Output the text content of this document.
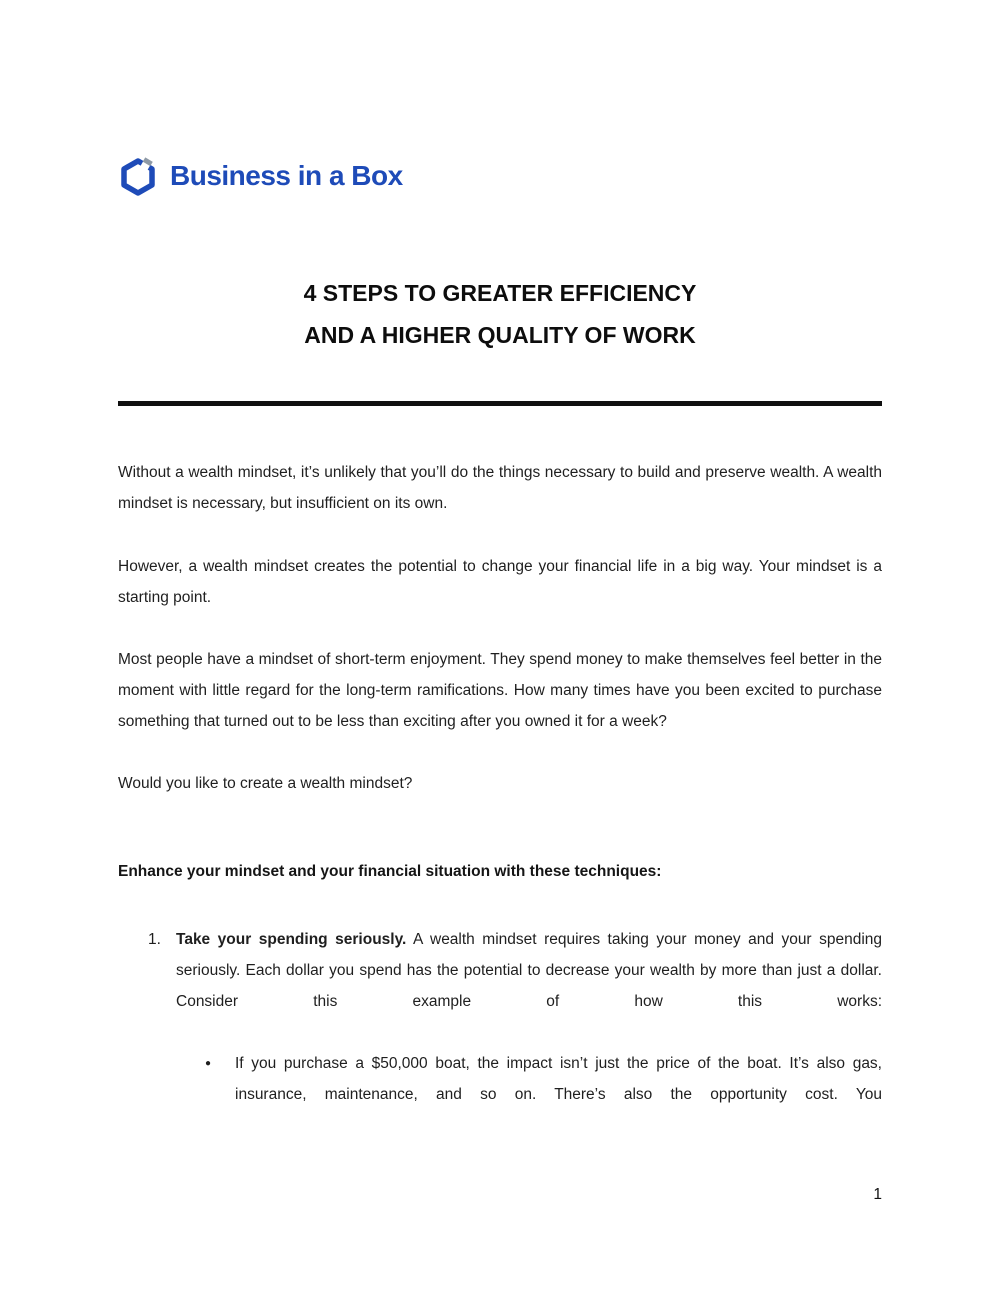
Business in a Box
4 STEPS TO GREATER EFFICIENCY
AND A HIGHER QUALITY OF WORK

Without a wealth mindset, it’s unlikely that you’ll do the things necessary to build and preserve wealth. A wealth mindset is necessary, but insufficient on its own.

However, a wealth mindset creates the potential to change your financial life in a big way. Your mindset is a starting point.

Most people have a mindset of short-term enjoyment. They spend money to make themselves feel better in the moment with little regard for the long-term ramifications. How many times have you been excited to purchase something that turned out to be less than exciting after you owned it for a week?

Would you like to create a wealth mindset?

Enhance your mindset and your financial situation with these techniques:

1. Take your spending seriously. A wealth mindset requires taking your money and your spending seriously. Each dollar you spend has the potential to decrease your wealth by more than just a dollar. Consider this example of how this works:

●	If you purchase a $50,000 boat, the impact isn’t just the price of the boat. It’s also gas, insurance, maintenance, and so on. There’s also the opportunity cost. You

1
